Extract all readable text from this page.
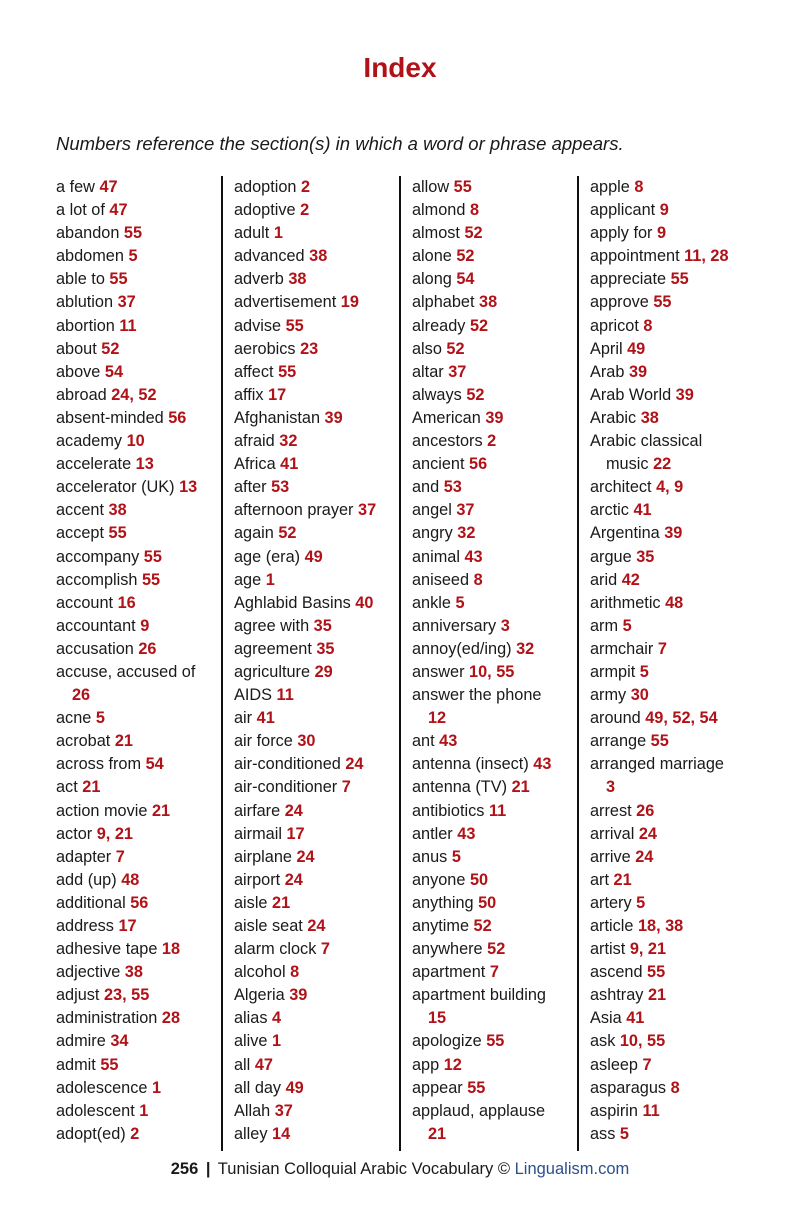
Index
Numbers reference the section(s) in which a word or phrase appears.
a few 47
a lot of 47
abandon 55
abdomen 5
able to 55
ablution 37
abortion 11
about 52
above 54
abroad 24, 52
absent-minded 56
academy 10
accelerate 13
accelerator (UK) 13
accent 38
accept 55
accompany 55
accomplish 55
account 16
accountant 9
accusation 26
accuse, accused of
26
acne 5
acrobat 21
across from 54
act 21
action movie 21
actor 9, 21
adapter 7
add (up) 48
additional 56
address 17
adhesive tape 18
adjective 38
adjust 23, 55
administration 28
admire 34
admit 55
adolescence 1
adolescent 1
adopt(ed) 2
adoption 2
adoptive 2
adult 1
advanced 38
adverb 38
advertisement 19
advise 55
aerobics 23
affect 55
affix 17
Afghanistan 39
afraid 32
Africa 41
after 53
afternoon prayer 37
again 52
age (era) 49
age 1
Aghlabid Basins 40
agree with 35
agreement 35
agriculture 29
AIDS 11
air 41
air force 30
air-conditioned 24
air-conditioner 7
airfare 24
airmail 17
airplane 24
airport 24
aisle 21
aisle seat 24
alarm clock 7
alcohol 8
Algeria 39
alias 4
alive 1
all 47
all day 49
Allah 37
alley 14
allow 55
almond 8
almost 52
alone 52
along 54
alphabet 38
already 52
also 52
altar 37
always 52
American 39
ancestors 2
ancient 56
and 53
angel 37
angry 32
animal 43
aniseed 8
ankle 5
anniversary 3
annoy(ed/ing) 32
answer 10, 55
answer the phone
12
ant 43
antenna (insect) 43
antenna (TV) 21
antibiotics 11
antler 43
anus 5
anyone 50
anything 50
anytime 52
anywhere 52
apartment 7
apartment building
15
apologize 55
app 12
appear 55
applaud, applause
21
apple 8
applicant 9
apply for 9
appointment 11, 28
appreciate 55
approve 55
apricot 8
April 49
Arab 39
Arab World 39
Arabic 38
Arabic classical
music 22
architect 4, 9
arctic 41
Argentina 39
argue 35
arid 42
arithmetic 48
arm 5
armchair 7
armpit 5
army 30
around 49, 52, 54
arrange 55
arranged marriage
3
arrest 26
arrival 24
arrive 24
art 21
artery 5
article 18, 38
artist 9, 21
ascend 55
ashtray 21
Asia 41
ask 10, 55
asleep 7
asparagus 8
aspirin 11
ass 5
256 | Tunisian Colloquial Arabic Vocabulary © Lingualism.com
